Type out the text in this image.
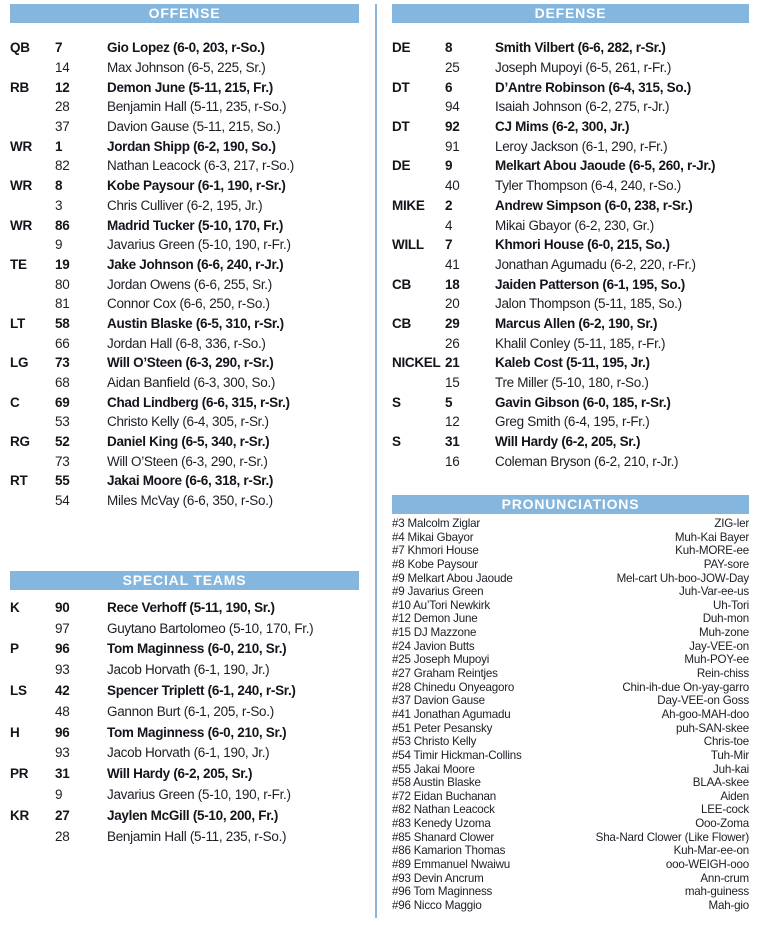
OFFENSE	DEFENSE
QB	7	Gio Lopez (6-0, 203, r-So.)
14	Max Johnson (6-5, 225, Sr.)
RB	12	Demon June (5-11, 215, Fr.)
28	Benjamin Hall (5-11, 235, r-So.)
37	Davion Gause (5-11, 215, So.)
WR	1	Jordan Shipp (6-2, 190, So.)
82	Nathan Leacock (6-3, 217, r-So.)
WR	8	Kobe Paysour (6-1, 190, r-Sr.)
3	Chris Culliver (6-2, 195, Jr.)
WR	86	Madrid Tucker (5-10, 170, Fr.)
9	Javarius Green (5-10, 190, r-Fr.)
TE	19	Jake Johnson (6-6, 240, r-Jr.)
80	Jordan Owens (6-6, 255, Sr.)
81	Connor Cox (6-6, 250, r-So.)
LT	58	Austin Blaske (6-5, 310, r-Sr.)
66	Jordan Hall (6-8, 336, r-So.)
LG	73	Will O’Steen (6-3, 290, r-Sr.)
68	Aidan Banfield (6-3, 300, So.)
C	69	Chad Lindberg (6-6, 315, r-Sr.)
53	Christo Kelly (6-4, 305, r-Sr.)
RG	52	Daniel King (6-5, 340, r-Sr.)
73	Will O’Steen (6-3, 290, r-Sr.)
RT	55	Jakai Moore (6-6, 318, r-Sr.)
54	Miles McVay (6-6, 350, r-So.)
DE	8	Smith Vilbert (6-6, 282, r-Sr.)
25	Joseph Mupoyi (6-5, 261, r-Fr.)
DT	6	D’Antre Robinson (6-4, 315, So.)
94	Isaiah Johnson (6-2, 275, r-Jr.)
DT	92	CJ Mims (6-2, 300, Jr.)
91	Leroy Jackson (6-1, 290, r-Fr.)
DE	9	Melkart Abou Jaoude (6-5, 260, r-Jr.)
40	Tyler Thompson (6-4, 240, r-So.)
MIKE	2	Andrew Simpson (6-0, 238, r-Sr.)
4	Mikai Gbayor (6-2, 230, Gr.)
WILL	7	Khmori House (6-0, 215, So.)
41	Jonathan Agumadu (6-2, 220, r-Fr.)
CB	18	Jaiden Patterson (6-1, 195, So.)
20	Jalon Thompson (5-11, 185, So.)
CB	29	Marcus Allen (6-2, 190, Sr.)
26	Khalil Conley (5-11, 185, r-Fr.)
NICKEL 21	Kaleb Cost (5-11, 195, Jr.)
15	Tre Miller (5-10, 180, r-So.)
S	5	Gavin Gibson (6-0, 185, r-Sr.)
12	Greg Smith (6-4, 195, r-Fr.)
S	31	Will Hardy (6-2, 205, Sr.)
16	Coleman Bryson (6-2, 210, r-Jr.)
SPECIAL TEAMS
K	90	Rece Verhoff (5-11, 190, Sr.)
97	Guytano Bartolomeo (5-10, 170, Fr.)
P	96	Tom Maginness (6-0, 210, Sr.)
93	Jacob Horvath (6-1, 190, Jr.)
LS	42	Spencer Triplett (6-1, 240, r-Sr.)
48	Gannon Burt (6-1, 205, r-So.)
H	96	Tom Maginness (6-0, 210, Sr.)
93	Jacob Horvath (6-1, 190, Jr.)
PR	31	Will Hardy (6-2, 205, Sr.)
9	Javarius Green (5-10, 190, r-Fr.)
KR	27	Jaylen McGill (5-10, 200, Fr.)
28	Benjamin Hall (5-11, 235, r-So.)
PRONUNCIATIONS
#3 Malcolm Ziglar	ZIG-ler
#4 Mikai Gbayor	Muh-Kai Bayer
#7 Khmori House	Kuh-MORE-ee
#8 Kobe Paysour	PAY-sore
#9 Melkart Abou Jaoude	Mel-cart Uh-boo-JOW-Day
#9 Javarius Green	Juh-Var-ee-us
#10 Au’Tori Newkirk	Uh-Tori
#12 Demon June	Duh-mon
#15 DJ Mazzone	Muh-zone
#24 Javion Butts	Jay-VEE-on
#25 Joseph Mupoyi	Muh-POY-ee
#27 Graham Reintjes	Rein-chiss
#28 Chinedu Onyeagoro	Chin-ih-due On-yay-garro
#37 Davion Gause	Day-VEE-on Goss
#41 Jonathan Agumadu	Ah-goo-MAH-doo
#51 Peter Pesansky	puh-SAN-skee
#53 Christo Kelly	Chris-toe
#54 Timir Hickman-Collins	Tuh-Mir
#55 Jakai Moore	Juh-kai
#58 Austin Blaske	BLAA-skee
#72 Eidan Buchanan	Aiden
#82 Nathan Leacock	LEE-cock
#83 Kenedy Uzoma	Ooo-Zoma
#85 Shanard Clower	Sha-Nard Clower (Like Flower)
#86 Kamarion Thomas	Kuh-Mar-ee-on
#89 Emmanuel Nwaiwu	ooo-WEIGH-ooo
#93 Devin Ancrum	Ann-crum
#96 Tom Maginness	mah-guiness
#96 Nicco Maggio	Mah-gio
